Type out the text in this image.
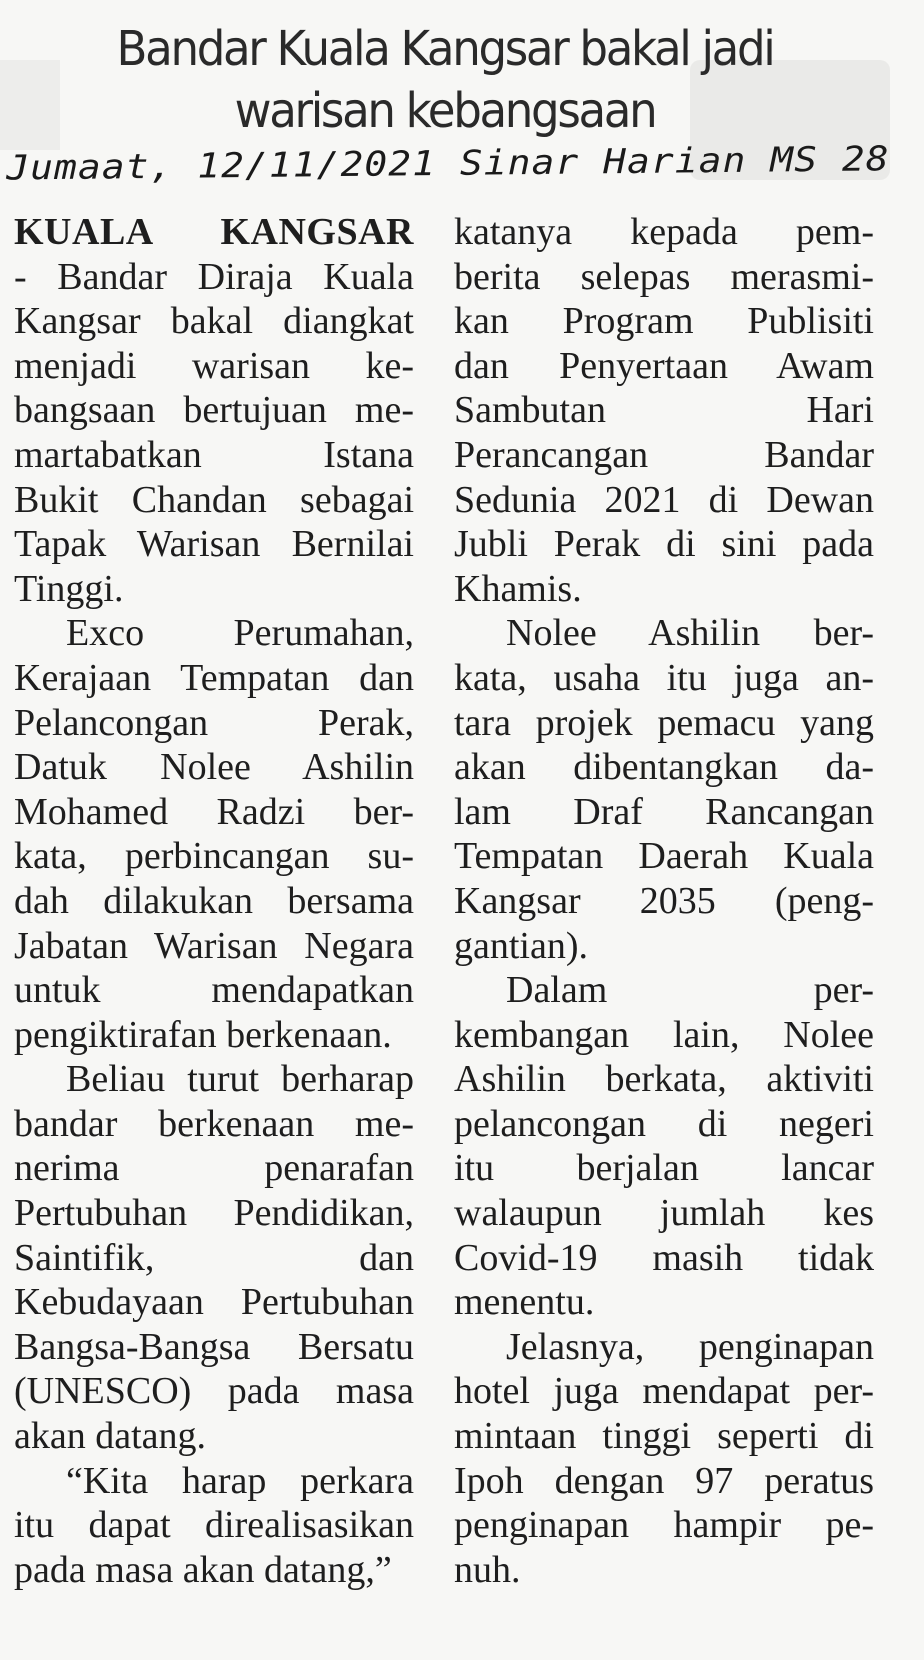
Bandar Kuala Kangsar bakal jadi
warisan kebangsaan
Jumaat, 12/11/2021 Sinar Harian MS 28
KUALA KANGSAR
- Bandar Diraja Kuala
Kangsar bakal diangkat
menjadi warisan ke-
bangsaan bertujuan me-
martabatkan Istana
Bukit Chandan sebagai
Tapak Warisan Bernilai
Tinggi.
Exco Perumahan,
Kerajaan Tempatan dan
Pelancongan Perak,
Datuk Nolee Ashilin
Mohamed Radzi ber-
kata, perbincangan su-
dah dilakukan bersama
Jabatan Warisan Negara
untuk mendapatkan
pengiktirafan berkenaan.
Beliau turut berharap
bandar berkenaan me-
nerima penarafan
Pertubuhan Pendidikan,
Saintifik, dan
Kebudayaan Pertubuhan
Bangsa-Bangsa Bersatu
(UNESCO) pada masa
akan datang.
“Kita harap perkara
itu dapat direalisasikan
pada masa akan datang,”
katanya kepada pem-
berita selepas merasmi-
kan Program Publisiti
dan Penyertaan Awam
Sambutan Hari
Perancangan Bandar
Sedunia 2021 di Dewan
Jubli Perak di sini pada
Khamis.
Nolee Ashilin ber-
kata, usaha itu juga an-
tara projek pemacu yang
akan dibentangkan da-
lam Draf Rancangan
Tempatan Daerah Kuala
Kangsar 2035 (peng-
gantian).
Dalam per-
kembangan lain, Nolee
Ashilin berkata, aktiviti
pelancongan di negeri
itu berjalan lancar
walaupun jumlah kes
Covid-19 masih tidak
menentu.
Jelasnya, penginapan
hotel juga mendapat per-
mintaan tinggi seperti di
Ipoh dengan 97 peratus
penginapan hampir pe-
nuh.
